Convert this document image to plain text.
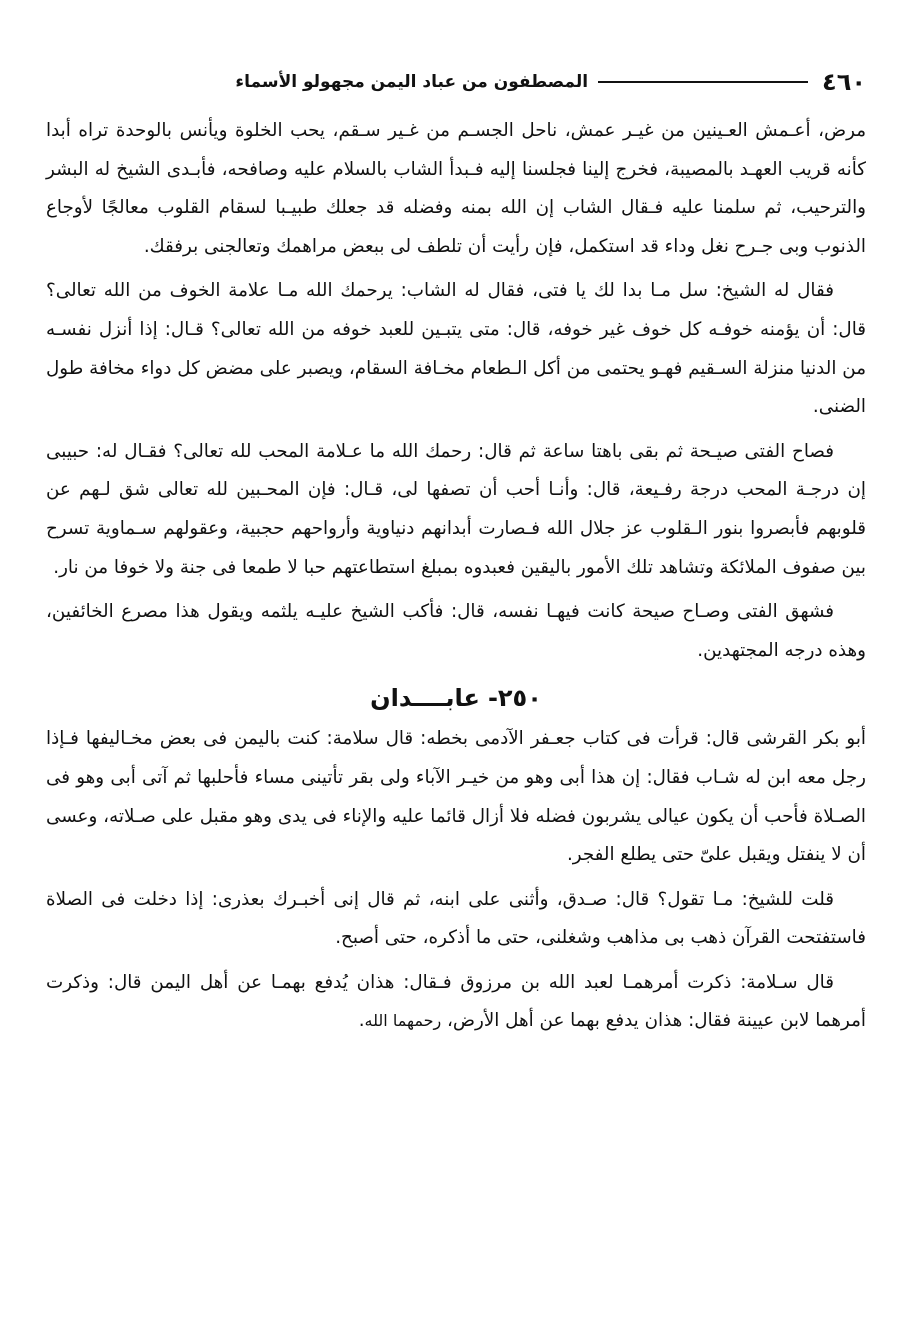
٤٦٠
المصطفون من عباد اليمن مجهولو الأسماء

مرض، أعـمش العـينين من غيـر عمش، ناحل الجسـم من غـير سـقم، يحب الخلوة ويأنس بالوحدة تراه أبدا كأنه قريب العهـد بالمصيبة، فخرج إلينا فجلسنا إليه فـبدأ الشاب بالسلام عليه وصافحه، فأبـدى الشيخ له البشر والترحيب، ثم سلمنا عليه فـقال الشاب إن الله بمنه وفضله قد جعلك طبيـبا لسقام القلوب معالجًا لأوجاع الذنوب وبى جـرح نغل وداء قد استكمل، فإن رأيت أن تلطف لى ببعض مراهمك وتعالجنى برفقك.

فقال له الشيخ: سل مـا بدا لك يا فتى، فقال له الشاب: يرحمك الله مـا علامة الخوف من الله تعالى؟ قال: أن يؤمنه خوفـه كل خوف غير خوفه، قال: متى يتبـين للعبد خوفه من الله تعالى؟ قـال: إذا أنزل نفسـه من الدنيا منزلة السـقيم فهـو يحتمى من أكل الـطعام مخـافة السقام، ويصبر على مضض كل دواء مخافة طول الضنى.

فصاح الفتى صيـحة ثم بقى باهتا ساعة ثم قال: رحمك الله ما عـلامة المحب لله تعالى؟ فقـال له: حبيبى إن درجـة المحب درجة رفـيعة، قال: وأنـا أحب أن تصفها لى، قـال: فإن المحـبين لله تعالى شق لـهم عن قلوبهم فأبصروا بنور الـقلوب عز جلال الله فـصارت أبدانهم دنياوية وأرواحهم حجبية، وعقولهم سـماوية تسرح بين صفوف الملائكة وتشاهد تلك الأمور باليقين فعبدوه بمبلغ استطاعتهم حبا لا طمعا فى جنة ولا خوفا من نار.

فشهق الفتى وصـاح صيحة كانت فيهـا نفسه، قال: فأكب الشيخ عليـه يلثمه ويقول هذا مصرع الخائفين، وهذه درجه المجتهدين.

٢٥٠-عابــــدان

أبو بكر القرشى قال: قرأت فى كتاب جعـفر الآدمى بخطه: قال سلامة: كنت باليمن فى بعض مخـاليفها فـإذا رجل معه ابن له شـاب فقال: إن هذا أبى وهو من خيـر الآباء ولى بقر تأتينى مساء فأحلبها ثم آتى أبى وهو فى الصـلاة فأحب أن يكون عيالى يشربون فضله فلا أزال قائما عليه والإناء فى يدى وهو مقبل على صـلاته، وعسى أن لا ينفتل ويقبل علىّ حتى يطلع الفجر.

قلت للشيخ: مـا تقول؟ قال: صـدق، وأثنى على ابنه، ثم قال إنى أخبـرك بعذرى: إذا دخلت فى الصلاة فاستفتحت القرآن ذهب بى مذاهب وشغلنى، حتى ما أذكره، حتى أصبح.

قال سـلامة: ذكرت أمرهمـا لعبد الله بن مرزوق فـقال: هذان يُدفع بهمـا عن أهل اليمن قال: وذكرت أمرهما لابن عيينة فقال: هذان يدفع بهما عن أهل الأرض، رحمهما الله.
